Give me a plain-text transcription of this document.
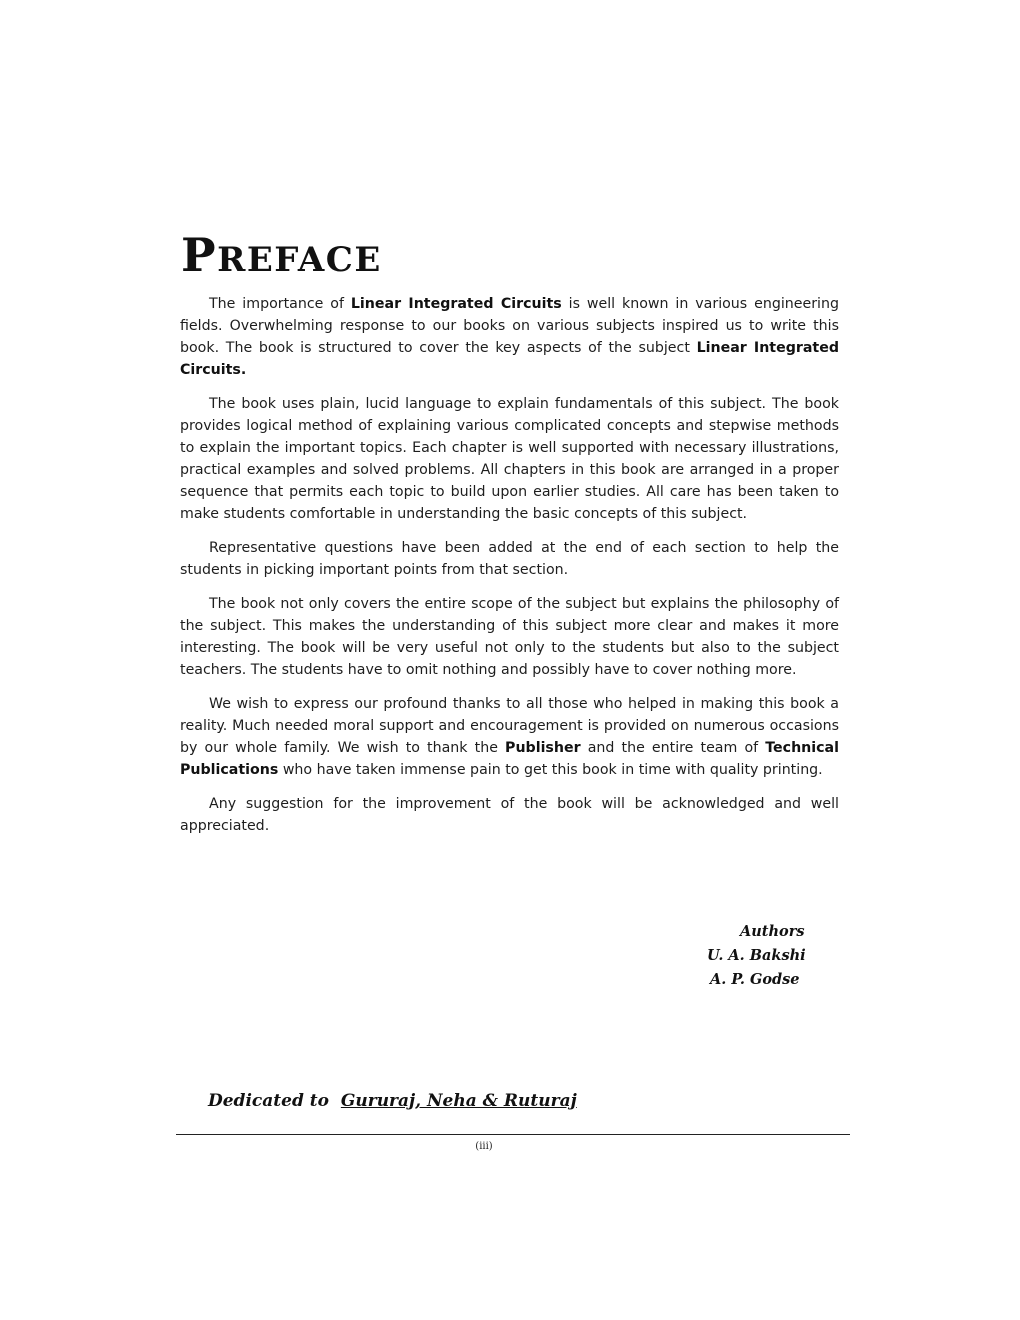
PREFACE

The importance of Linear Integrated Circuits is well known in various engineering fields. Overwhelming response to our books on various subjects inspired us to write this book. The book is structured to cover the key aspects of the subject Linear Integrated Circuits.

The book uses plain, lucid language to explain fundamentals of this subject. The book provides logical method of explaining various complicated concepts and stepwise methods to explain the important topics. Each chapter is well supported with necessary illustrations, practical examples and solved problems. All chapters in this book are arranged in a proper sequence that permits each topic to build upon earlier studies. All care has been taken to make students comfortable in understanding the basic concepts of this subject.

Representative questions have been added at the end of each section to help the students in picking important points from that section.

The book not only covers the entire scope of the subject but explains the philosophy of the subject. This makes the understanding of this subject more clear and makes it more interesting. The book will be very useful not only to the students but also to the subject teachers. The students have to omit nothing and possibly have to cover nothing more.

We wish to express our profound thanks to all those who helped in making this book a reality. Much needed moral support and encouragement is provided on numerous occasions by our whole family. We wish to thank the Publisher and the entire team of Technical Publications who have taken immense pain to get this book in time with quality printing.

Any suggestion for the improvement of the book will be acknowledged and well appreciated.

Authors
U. A. Bakshi
A. P. Godse
Dedicated to Gururaj, Neha & Ruturaj
(iii)
